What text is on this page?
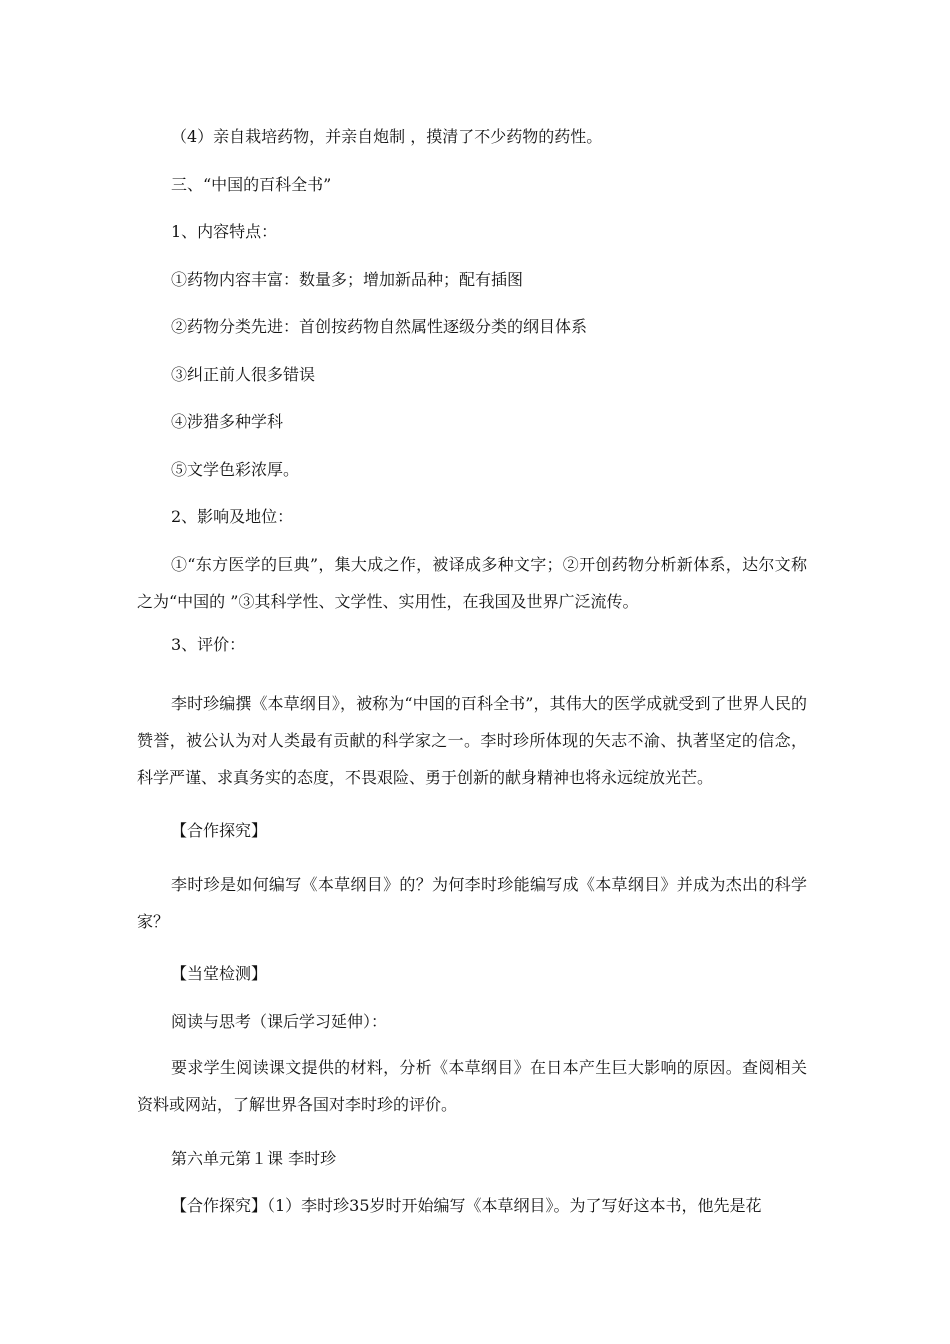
（4）亲自栽培药物，并亲自炮制 ，摸清了不少药物的药性。

三、“中国的百科全书”

1、内容特点：

①药物内容丰富：数量多；增加新品种；配有插图

②药物分类先进：首创按药物自然属性逐级分类的纲目体系

③纠正前人很多错误

④涉猎多种学科

⑤文学色彩浓厚。

2、影响及地位：

①“东方医学的巨典”，集大成之作，被译成多种文字；②开创药物分析新体系，达尔文称之为“中国的 ”③其科学性、文学性、实用性，在我国及世界广泛流传。

3、评价：

李时珍编撰《本草纲目》，被称为“中国的百科全书”，其伟大的医学成就受到了世界人民的赞誉，被公认为对人类最有贡献的科学家之一。李时珍所体现的矢志不渝、执著坚定的信念，科学严谨、求真务实的态度，不畏艰险、勇于创新的献身精神也将永远绽放光芒。

【合作探究】

李时珍是如何编写《本草纲目》的？为何李时珍能编写成《本草纲目》并成为杰出的科学家？

【当堂检测】

阅读与思考（课后学习延伸）：

要求学生阅读课文提供的材料，分析《本草纲目》在日本产生巨大影响的原因。查阅相关资料或网站，了解世界各国对李时珍的评价。

第六单元第１课 李时珍

【合作探究】（1）李时珍35岁时开始编写《本草纲目》。为了写好这本书，他先是花
